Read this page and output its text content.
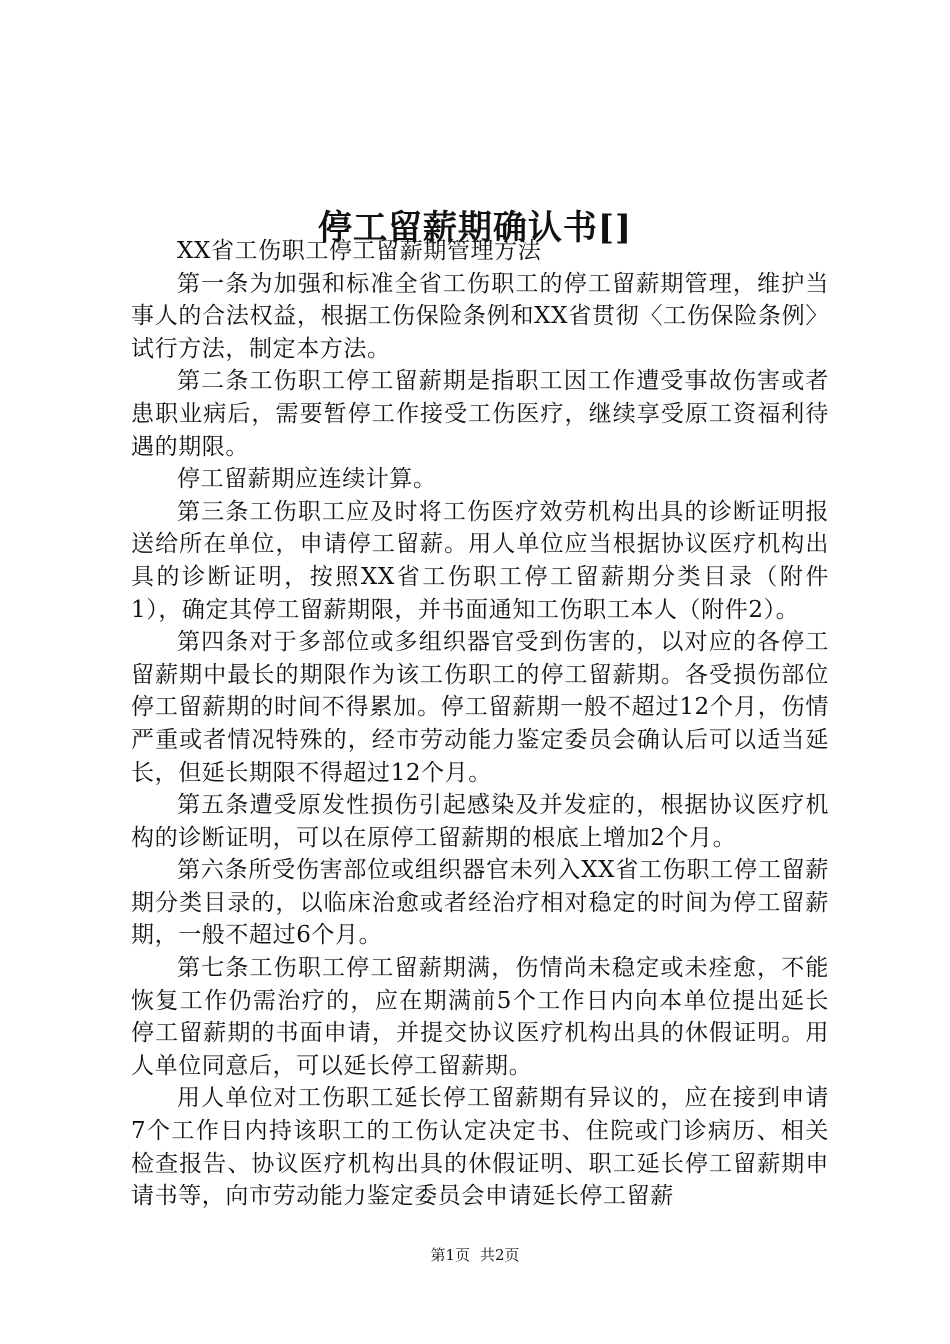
停工留薪期确认书[]

XX省工伤职工停工留薪期管理方法

第一条为加强和标准全省工伤职工的停工留薪期管理，维护当事人的合法权益，根据工伤保险条例和XX省贯彻〈工伤保险条例〉试行方法，制定本方法。

第二条工伤职工停工留薪期是指职工因工作遭受事故伤害或者患职业病后，需要暂停工作接受工伤医疗，继续享受原工资福利待遇的期限。

停工留薪期应连续计算。

第三条工伤职工应及时将工伤医疗效劳机构出具的诊断证明报送给所在单位，申请停工留薪。用人单位应当根据协议医疗机构出具的诊断证明，按照XX省工伤职工停工留薪期分类目录（附件1），确定其停工留薪期限，并书面通知工伤职工本人（附件2）。

第四条对于多部位或多组织器官受到伤害的，以对应的各停工留薪期中最长的期限作为该工伤职工的停工留薪期。各受损伤部位停工留薪期的时间不得累加。停工留薪期一般不超过12个月，伤情严重或者情况特殊的，经市劳动能力鉴定委员会确认后可以适当延长，但延长期限不得超过12个月。

第五条遭受原发性损伤引起感染及并发症的，根据协议医疗机构的诊断证明，可以在原停工留薪期的根底上增加2个月。

第六条所受伤害部位或组织器官未列入XX省工伤职工停工留薪期分类目录的，以临床治愈或者经治疗相对稳定的时间为停工留薪期，一般不超过6个月。

第七条工伤职工停工留薪期满，伤情尚未稳定或未痊愈，不能恢复工作仍需治疗的，应在期满前5个工作日内向本单位提出延长停工留薪期的书面申请，并提交协议医疗机构出具的休假证明。用人单位同意后，可以延长停工留薪期。

用人单位对工伤职工延长停工留薪期有异议的，应在接到申请7个工作日内持该职工的工伤认定决定书、住院或门诊病历、相关检查报告、协议医疗机构出具的休假证明、职工延长停工留薪期申请书等，向市劳动能力鉴定委员会申请延长停工留薪

第1页 共2页
